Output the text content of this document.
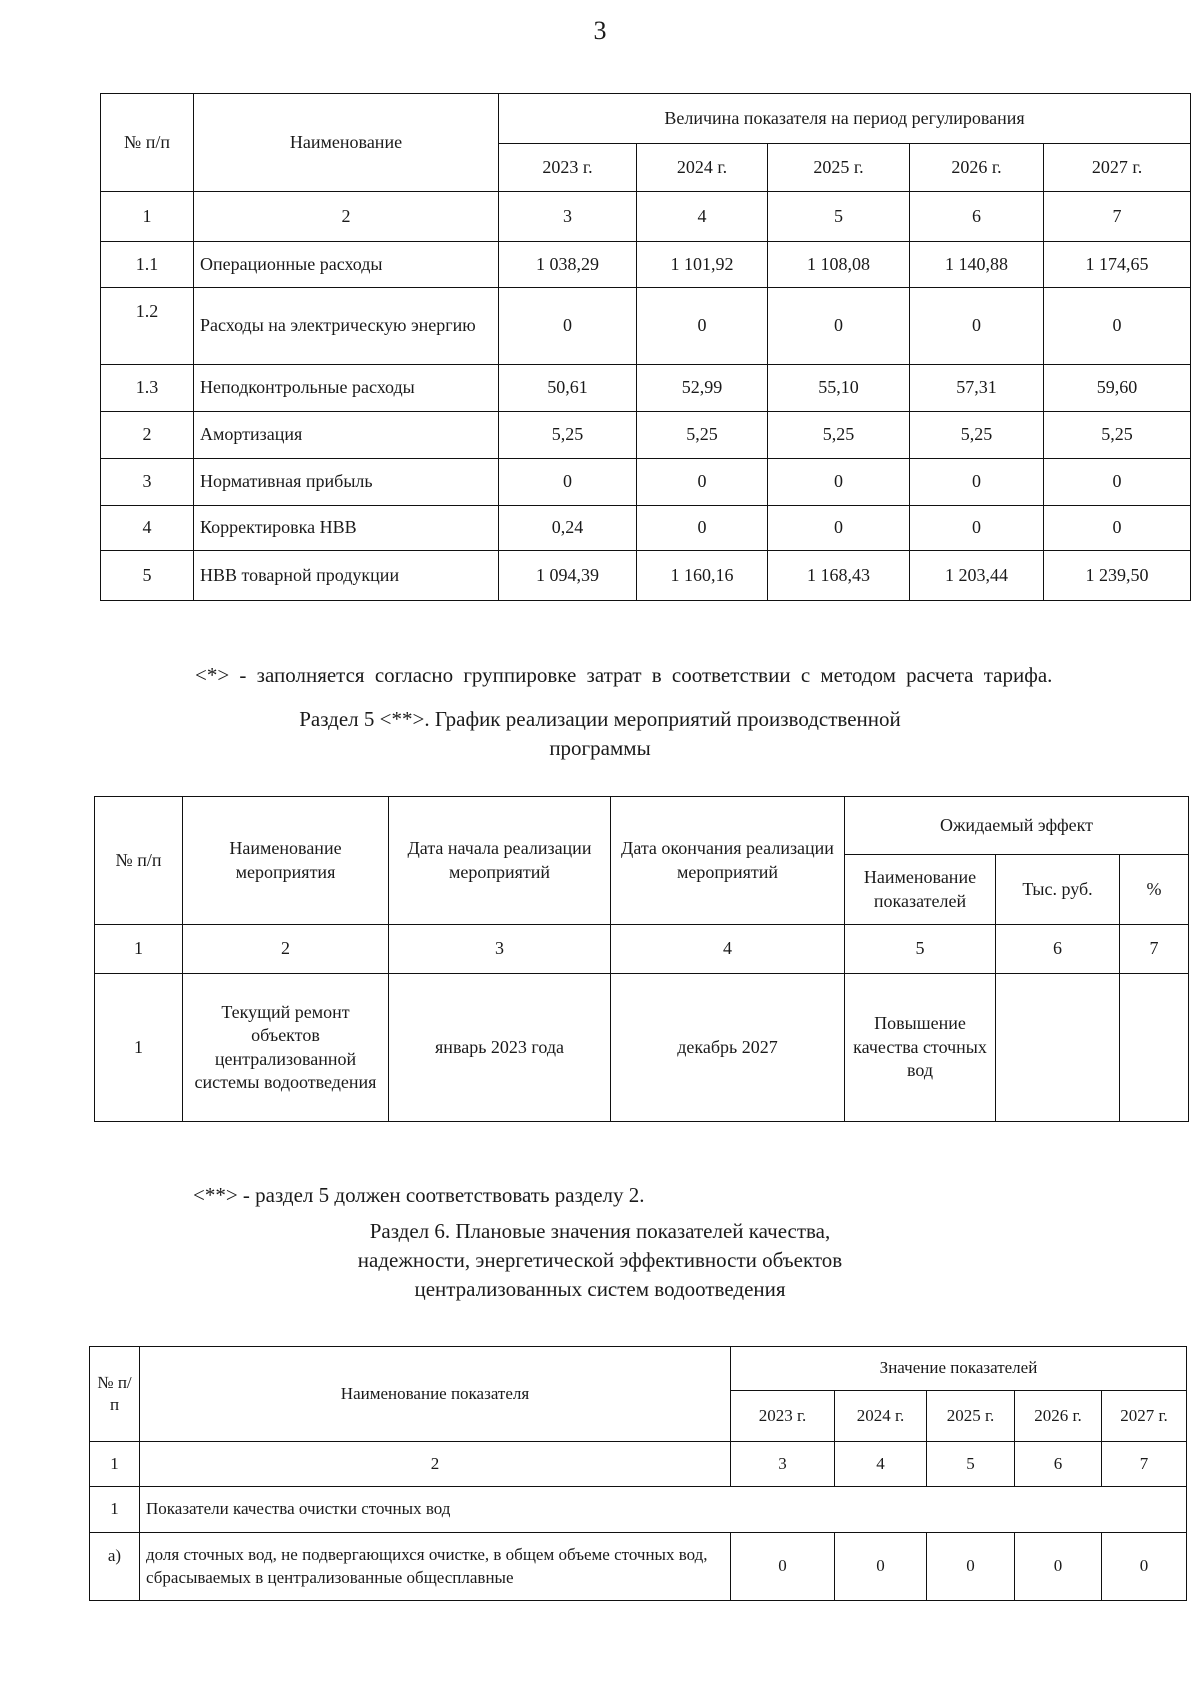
3
№ п/п	Наименование	Величина показателя на период регулирования				
		2023 г.	2024 г.	2025 г.	2026 г.	2027 г.
1	2	3	4	5	6	7
1.1	Операционные расходы	1 038,29	1 101,92	1 108,08	1 140,88	1 174,65
1.2	Расходы на электрическую энергию	0	0	0	0	0
1.3	Неподконтрольные расходы	50,61	52,99	55,10	57,31	59,60
2	Амортизация	5,25	5,25	5,25	5,25	5,25
3	Нормативная прибыль	0	0	0	0	0
4	Корректировка НВВ	0,24	0	0	0	0
5	НВВ товарной продукции	1 094,39	1 160,16	1 168,43	1 203,44	1 239,50

<*> - заполняется согласно группировке затрат в соответствии с методом расчета тарифа.

Раздел 5 <**>. График реализации мероприятий производственной
программы
№ п/п	Наименование мероприятия	Дата начала реализации мероприятий	Дата окончания реализации мероприятий	Ожидаемый эффект		
				Наименование показателей	Тыс. руб.	%
1	2	3	4	5	6	7
1	Текущий ремонт объектов централизованной системы водоотведения	январь 2023 года	декабрь 2027	Повышение качества сточных вод		

<**> - раздел 5 должен соответствовать разделу 2.

Раздел 6. Плановые значения показателей качества,
надежности, энергетической эффективности объектов
централизованных систем водоотведения
№ п/п	Наименование показателя	Значение показателей				
		2023 г.	2024 г.	2025 г.	2026 г.	2027 г.
1	2	3	4	5	6	7
1	Показатели качества очистки сточных вод					
а)	доля сточных вод, не подвергающихся очистке, в общем объеме сточных вод, сбрасываемых в централизованные общесплавные	0	0	0	0	0
